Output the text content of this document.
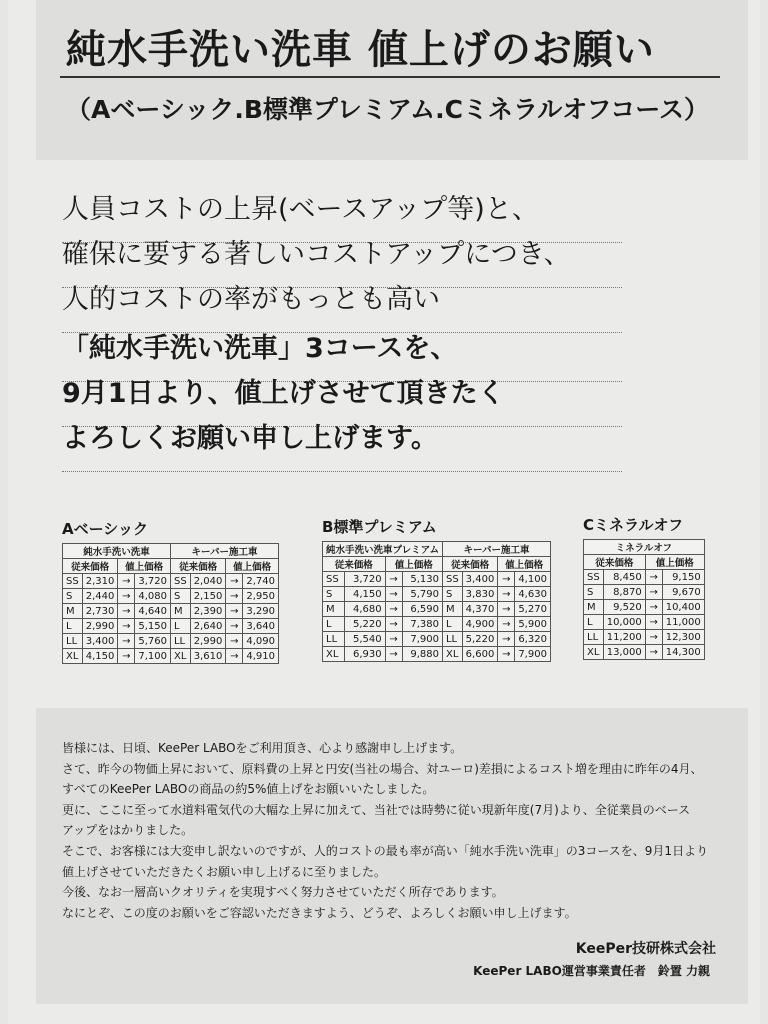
純水手洗い洗車 値上げのお願い
（Aベーシック.B標準プレミアム.Cミネラルオフコース）
人員コストの上昇(ベースアップ等)と、
確保に要する著しいコストアップにつき、
人的コストの率がもっとも高い
「純水手洗い洗車」3コースを、
9月1日より、値上げさせて頂きたく
よろしくお願い申し上げます。
Aベーシック
純水手洗い洗車				キーパー施工車			
従来価格		値上価格		従来価格		値上価格	
SS	2,310	→	3,720	SS	2,040	→	2,740
S	2,440	→	4,080	S	2,150	→	2,950
M	2,730	→	4,640	M	2,390	→	3,290
L	2,990	→	5,150	L	2,640	→	3,640
LL	3,400	→	5,760	LL	2,990	→	4,090
XL	4,150	→	7,100	XL	3,610	→	4,910
B標準プレミアム
純水手洗い洗車プレミアム				キーパー施工車			
従来価格		値上価格		従来価格		値上価格	
SS	3,720	→	5,130	SS	3,400	→	4,100
S	4,150	→	5,790	S	3,830	→	4,630
M	4,680	→	6,590	M	4,370	→	5,270
L	5,220	→	7,380	L	4,900	→	5,900
LL	5,540	→	7,900	LL	5,220	→	6,320
XL	6,930	→	9,880	XL	6,600	→	7,900
Cミネラルオフ
ミネラルオフ			
従来価格		値上価格	
SS	8,450	→	9,150
S	8,870	→	9,670
M	9,520	→	10,400
L	10,000	→	11,000
LL	11,200	→	12,300
XL	13,000	→	14,300

皆様には、日頃、KeePer LABOをご利用頂き、心より感謝申し上げます。

さて、昨今の物価上昇において、原料費の上昇と円安(当社の場合、対ユーロ)差損によるコスト増を理由に昨年の4月、

すべてのKeePer LABOの商品の約5%値上げをお願いいたしました。

更に、ここに至って水道料電気代の大幅な上昇に加えて、当社では時勢に従い現新年度(7月)より、全従業員のベース

アップをはかりました。

そこで、お客様には大変申し訳ないのですが、人的コストの最も率が高い「純水手洗い洗車」の3コースを、9月1日より

値上げさせていただきたくお願い申し上げるに至りました。

今後、なお一層高いクオリティを実現すべく努力させていただく所存であります。

なにとぞ、この度のお願いをご容認いただきますよう、どうぞ、よろしくお願い申し上げます。

KeePer技研株式会社
KeePer LABO運営事業責任者　鈴置 力親
